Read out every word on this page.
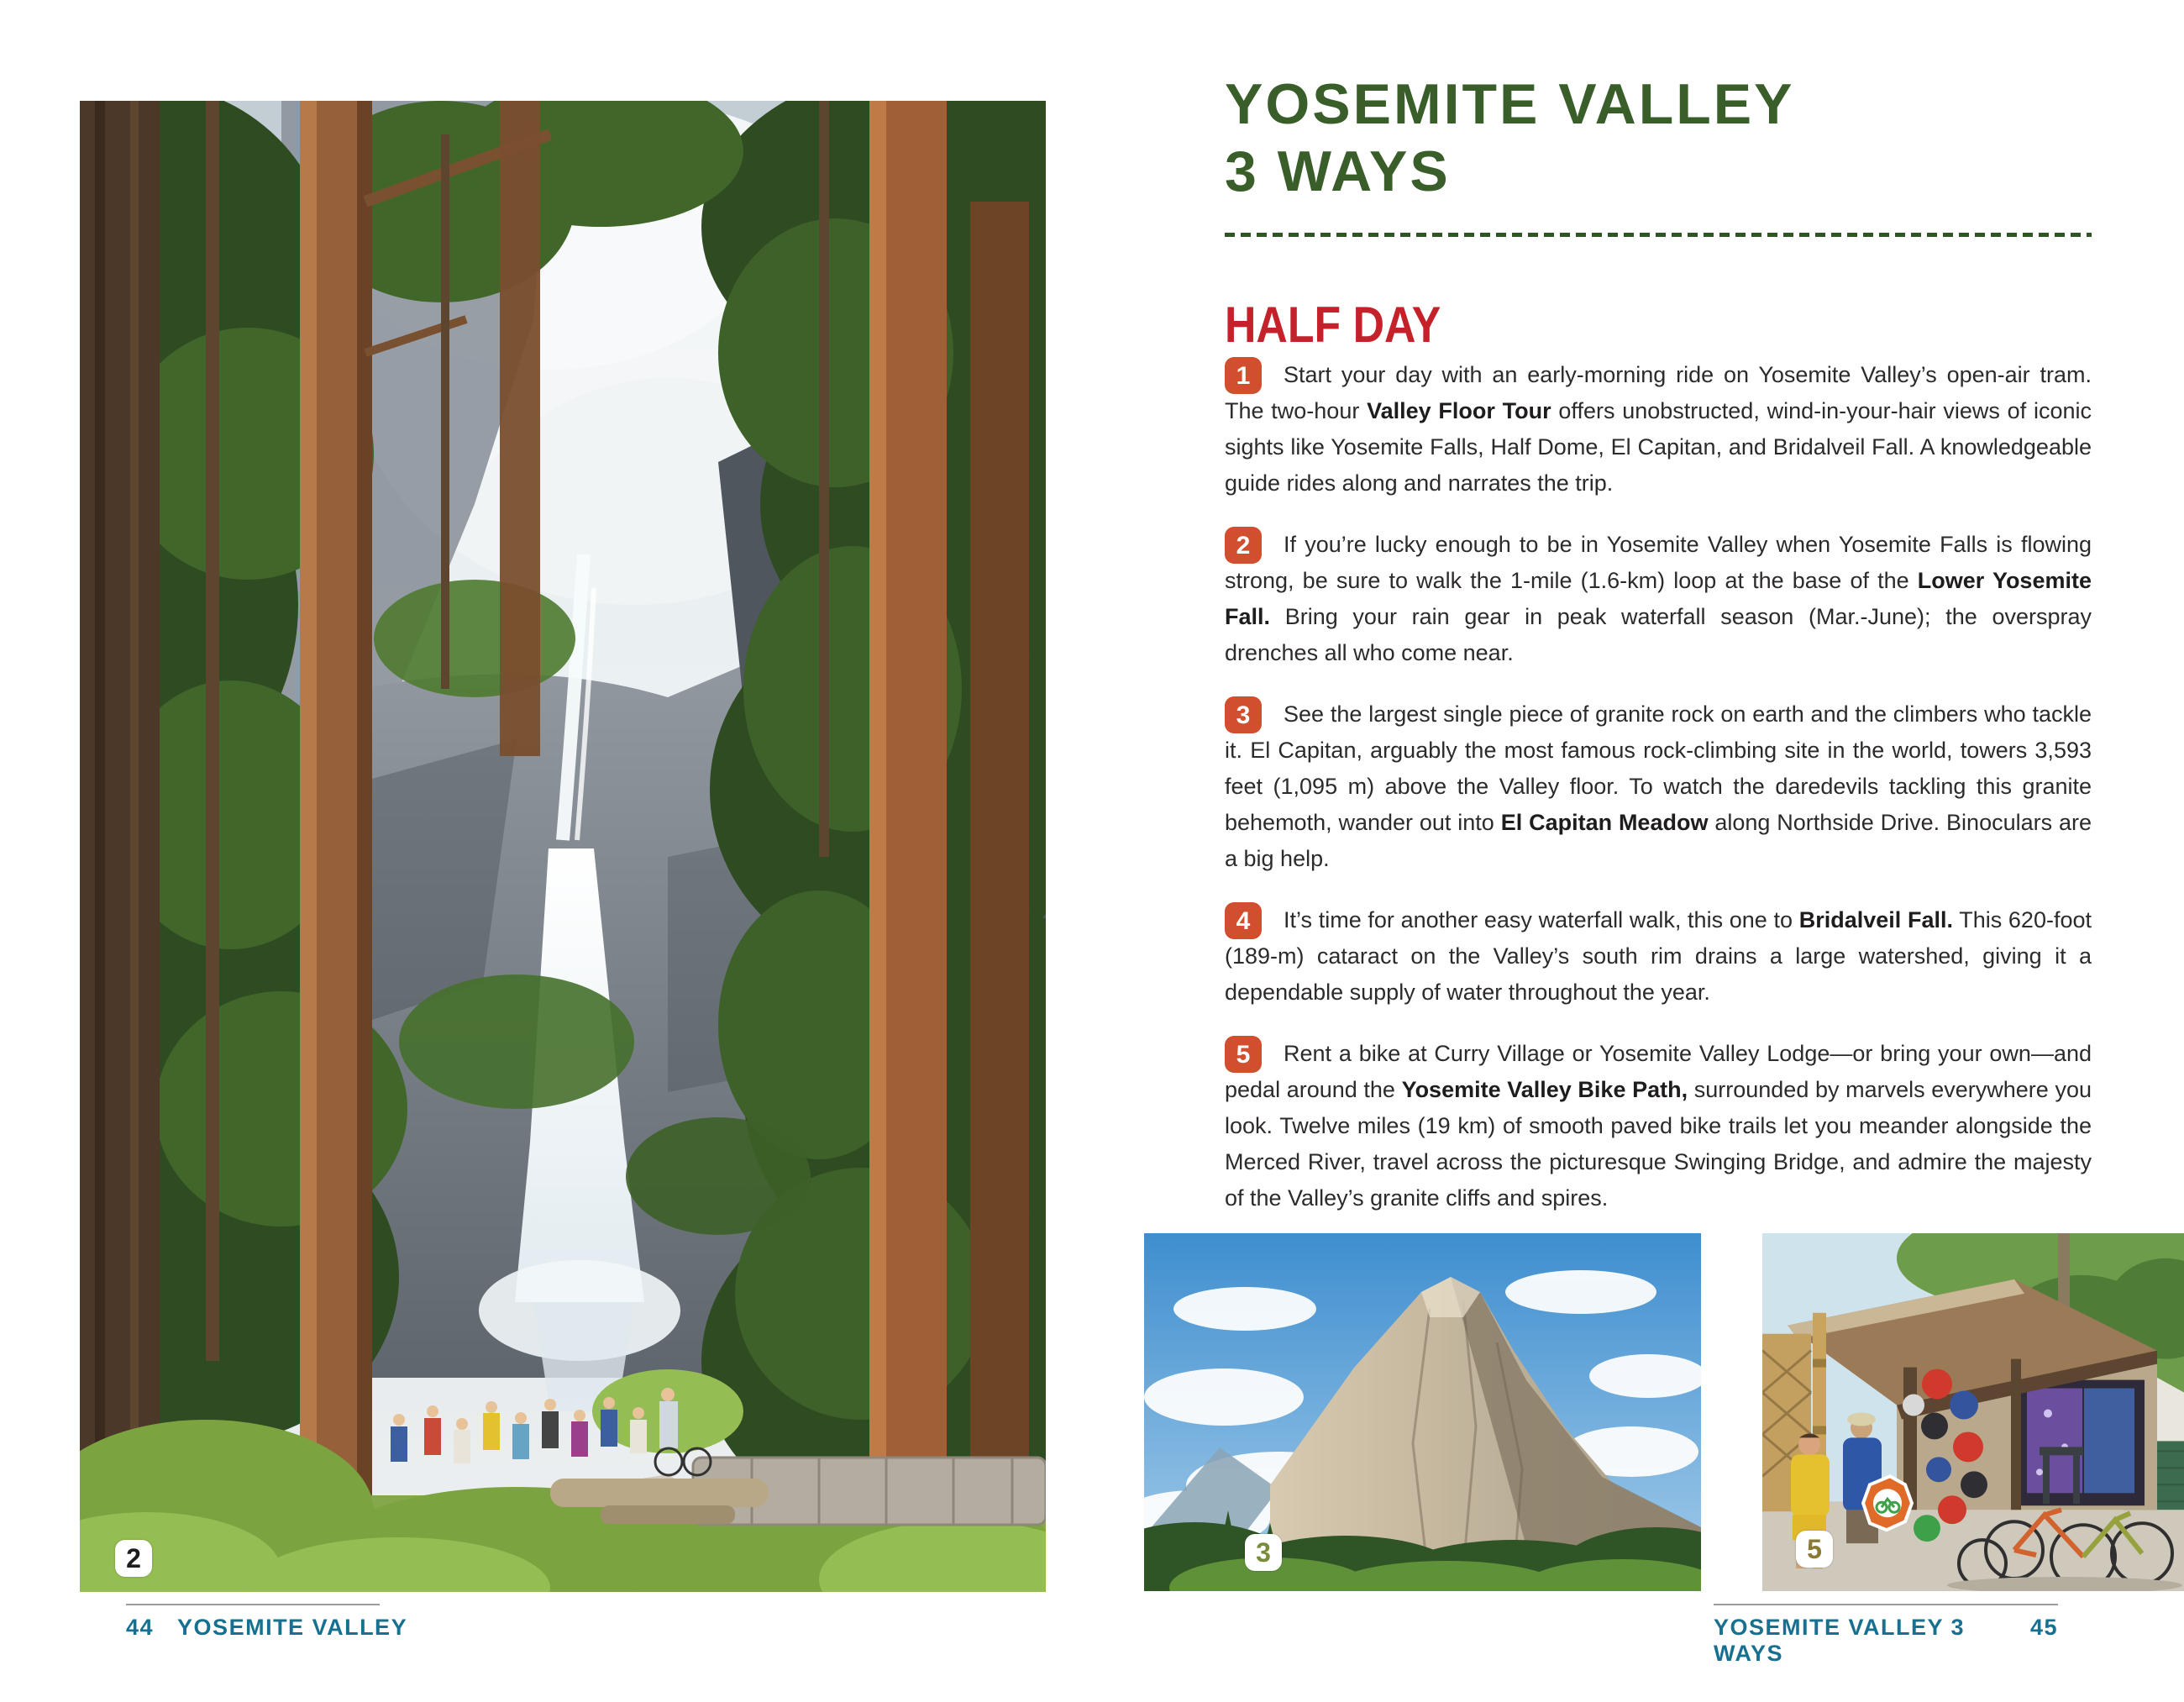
2
44 YOSEMITE VALLEY
YOSEMITE VALLEY
3 WAYS
HALF DAY
1	Start your day with an early-morning ride on Yosemite Valley’s open-air tram. The two-hour Valley Floor Tour offers unobstructed, wind-in-your-hair views of iconic sights like Yosemite Falls, Half Dome, El Capitan, and Bridalveil Fall. A knowledgeable guide rides along and narrates the trip.
2	If you’re lucky enough to be in Yosemite Valley when Yosemite Falls is flowing strong, be sure to walk the 1-mile (1.6-km) loop at the base of the Lower Yosemite Fall. Bring your rain gear in peak waterfall season (Mar.-June); the overspray drenches all who come near.
3	See the largest single piece of granite rock on earth and the climbers who tackle it. El Capitan, arguably the most famous rock-climbing site in the world, towers 3,593 feet (1,095 m) above the Valley floor. To watch the daredevils tackling this granite behemoth, wander out into El Capitan Meadow along Northside Drive. Binoculars are a big help.
4	It’s time for another easy waterfall walk, this one to Bridalveil Fall. This 620-foot (189-m) cataract on the Valley’s south rim drains a large watershed, giving it a dependable supply of water throughout the year.
5	Rent a bike at Curry Village or Yosemite Valley Lodge—or bring your own—and pedal around the Yosemite Valley Bike Path, surrounded by marvels everywhere you look. Twelve miles (19 km) of smooth paved bike trails let you meander alongside the Merced River, travel across the picturesque Swinging Bridge, and admire the majesty of the Valley’s granite cliffs and spires.
3	5
YOSEMITE VALLEY 3 WAYS
45
